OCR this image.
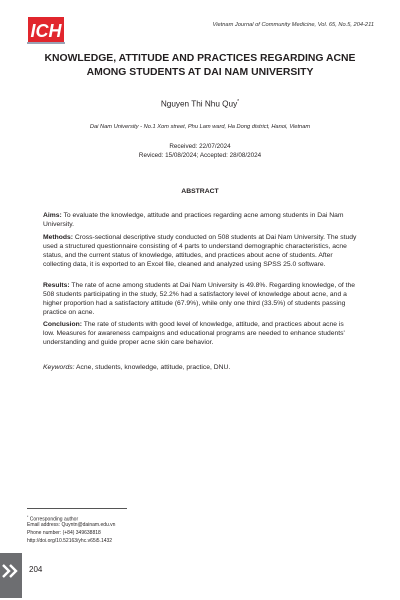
ICH	Vietnam Journal of Community Medicine, Vol. 65, No.5, 204-211
KNOWLEDGE, ATTITUDE AND PRACTICES REGARDING ACNE
AMONG STUDENTS AT DAI NAM UNIVERSITY
Nguyen Thi Nhu Quy*
Dai Nam University - No.1 Xom street, Phu Lam ward, Ha Dong district, Hanoi, Vietnam
Received: 22/07/2024
Reviced: 15/08/2024; Accepted: 28/08/2024
ABSTRACT
Aims: To evaluate the knowledge, attitude and practices regarding acne among students in Dai Nam University.
Methods: Cross-sectional descriptive study conducted on 508 students at Dai Nam University. The study used a structured questionnaire consisting of 4 parts to understand demographic characteristics, acne status, and the current status of knowledge, attitudes, and practices about acne of students. After collecting data, it is exported to an Excel file, cleaned and analyzed using SPSS 25.0 software.
Results: The rate of acne among students at Dai Nam University is 49.8%. Regarding knowledge, of the 508 students participating in the study, 52.2% had a satisfactory level of knowledge about acne, and a higher proportion had a satisfactory attitude (67.9%), while only one third (33.5%) of students passing practice on acne.
Conclusion: The rate of students with good level of knowledge, attitude, and practices about acne is low. Measures for awareness campaigns and educational programs are needed to enhance students' understanding and guide proper acne skin care behavior.
Keywords: Acne, students, knowledge, attitude, practice, DNU.
* Corresponding author
Email address: Quyntn@dainam.edu.vn
Phone number: (+84) 349638818
http://doi.org/10.52163/yhc.v65i5.1432
204
